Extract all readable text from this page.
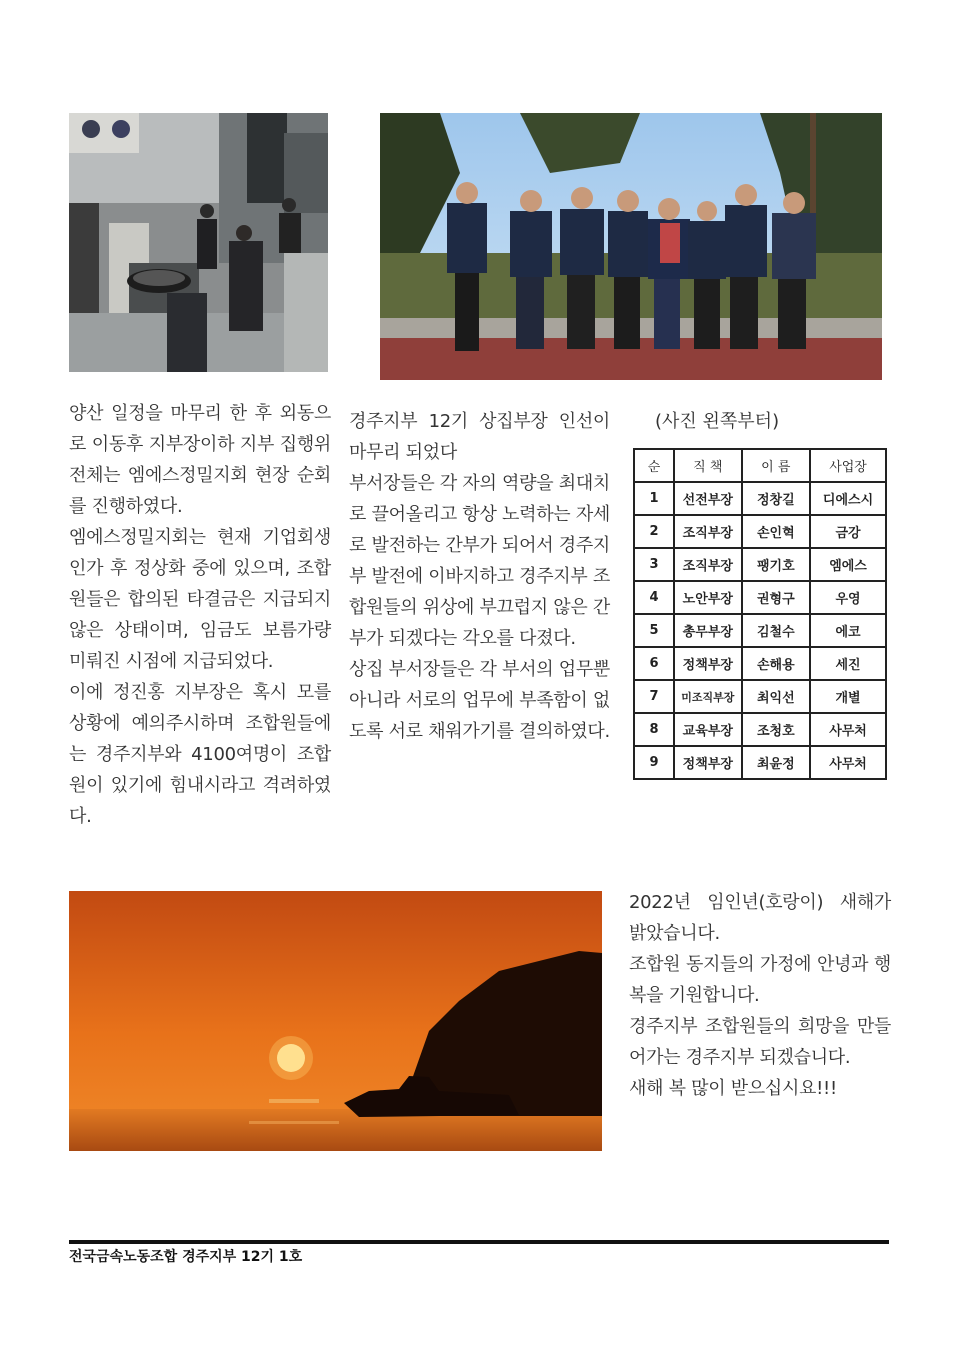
양산 일정을 마무리 한 후 외동으로 이동후 지부장이하 지부 집행위 전체는 엠에스정밀지회 현장 순회를 진행하였다.

엠에스정밀지회는 현재 기업회생인가 후 정상화 중에 있으며, 조합원들은 합의된 타결금은 지급되지 않은 상태이며, 임금도 보름가량 미뤄진 시점에 지급되었다.

이에 정진홍 지부장은 혹시 모를 상황에 예의주시하며 조합원들에는 경주지부와 4100여명이 조합원이 있기에 힘내시라고 격려하였다.

경주지부 12기 상집부장 인선이 마무리 되었다

부서장들은 각 자의 역량을 최대치로 끌어올리고 항상 노력하는 자세로 발전하는 간부가 되어서 경주지부 발전에 이바지하고 경주지부 조합원들의 위상에 부끄럽지 않은 간부가 되겠다는 각오를 다졌다.

상집 부서장들은 각 부서의 업무뿐 아니라 서로의 업무에 부족함이 없도록 서로 채워가기를 결의하였다.

(사진 왼쪽부터)
순	직 책	이 름	사업장
1	선전부장	정창길	디에스시
2	조직부장	손인혁	금강
3	조직부장	팽기호	엠에스
4	노안부장	권형구	우영
5	총무부장	김철수	에코
6	정책부장	손해용	세진
7	미조직부장	최익선	개별
8	교육부장	조청호	사무처
9	정책부장	최윤정	사무처

2022년 임인년(호랑이) 새해가 밝았습니다.

조합원 동지들의 가정에 안녕과 행복을 기원합니다.

경주지부 조합원들의 희망을 만들어가는 경주지부 되겠습니다.

새해 복 많이 받으십시요!!!

전국금속노동조합 경주지부 12기 1호
